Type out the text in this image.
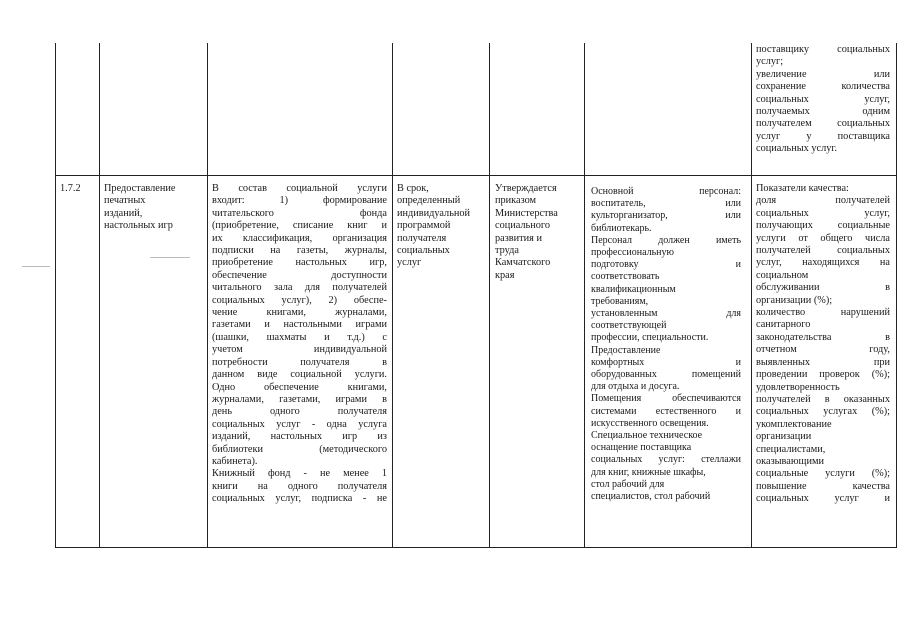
поставщику социальных
услуг;
увеличение или
сохранение количества
социальных услуг,
получаемых одним
получателем социальных
услуг у поставщика
социальных услуг.
1.7.2	Предоставление
печатных
изданий,
настольных игр
В состав социальной услуги
входит: 1) формирование
читательского фонда
(приобретение, списание книг и
их классификация, организация
подписки на газеты, журналы,
приобретение настольных игр,
обеспечение доступности
читального зала для получателей
социальных услуг), 2) обеспе-
чение книгами, журналами,
газетами и настольными играми
(шашки, шахматы и т.д.) с
учетом индивидуальной
потребности получателя в
данном виде социальной услуги.
Одно обеспечение книгами,
журналами, газетами, играми в
день одного получателя
социальных услуг - одна услуга
изданий, настольных игр из
библиотеки (методического
кабинета).
Книжный фонд - не менее 1
книги на одного получателя
социальных услуг, подписка - не
В срок,
определенный
индивидуальной
программой
получателя
социальных
услуг
Утверждается
приказом
Министерства
социального
развития и
труда
Камчатского
края
Основной персонал:
воспитатель, или
культорганизатор, или
библиотекарь.
Персонал должен иметь
профессиональную
подготовку и
соответствовать
квалификационным
требованиям,
установленным для
соответствующей
профессии, специальности.
Предоставление
комфортных и
оборудованных помещений
для отдыха и досуга.
Помещения обеспечиваются
системами естественного и
искусственного освещения.
Специальное техническое
оснащение поставщика
социальных услуг: стеллажи
для книг, книжные шкафы,
стол рабочий для
специалистов, стол рабочий
Показатели качества:
доля получателей
социальных услуг,
получающих социальные
услуги от общего числа
получателей социальных
услуг, находящихся на
социальном
обслуживании в
организации (%);
количество нарушений
санитарного
законодательства в
отчетном году,
выявленных при
проведении проверок (%);
удовлетворенность
получателей в оказанных
социальных услугах (%);
укомплектование
организации
специалистами,
оказывающими
социальные услуги (%);
повышение качества
социальных услуг и
